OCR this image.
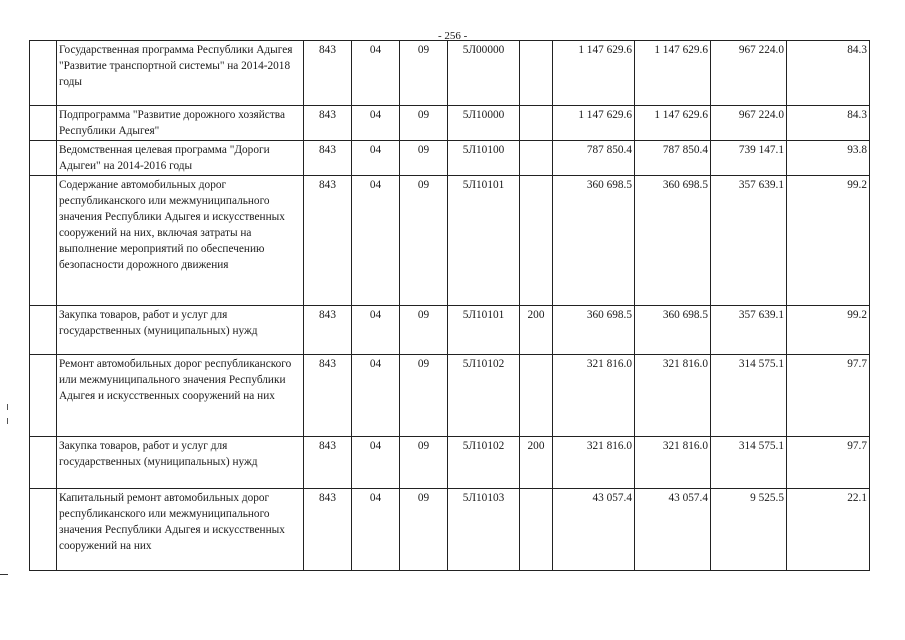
- 256 -
	Государственная программа Республики Адыгея "Развитие транспортной системы" на 2014-2018 годы	843	04	09	5Л00000		1 147 629.6	1 147 629.6	967 224.0	84.3
	Подпрограмма "Развитие дорожного хозяйства Республики Адыгея"	843	04	09	5Л10000		1 147 629.6	1 147 629.6	967 224.0	84.3
	Ведомственная целевая программа "Дороги Адыгеи" на 2014-2016 годы	843	04	09	5Л10100		787 850.4	787 850.4	739 147.1	93.8
	Содержание автомобильных дорог республиканского или межмуниципального значения Республики Адыгея и искусственных сооружений на них, включая затраты на выполнение мероприятий по обеспечению безопасности дорожного движения	843	04	09	5Л10101		360 698.5	360 698.5	357 639.1	99.2
	Закупка товаров, работ и услуг для государственных (муниципальных) нужд	843	04	09	5Л10101	200	360 698.5	360 698.5	357 639.1	99.2
	Ремонт автомобильных дорог республиканского или межмуниципального значения Республики Адыгея и искусственных сооружений на них	843	04	09	5Л10102		321 816.0	321 816.0	314 575.1	97.7
	Закупка товаров, работ и услуг для государственных (муниципальных) нужд	843	04	09	5Л10102	200	321 816.0	321 816.0	314 575.1	97.7
	Капитальный ремонт автомобильных дорог республиканского или межмуниципального значения Республики Адыгея и искусственных сооружений на них	843	04	09	5Л10103		43 057.4	43 057.4	9 525.5	22.1
